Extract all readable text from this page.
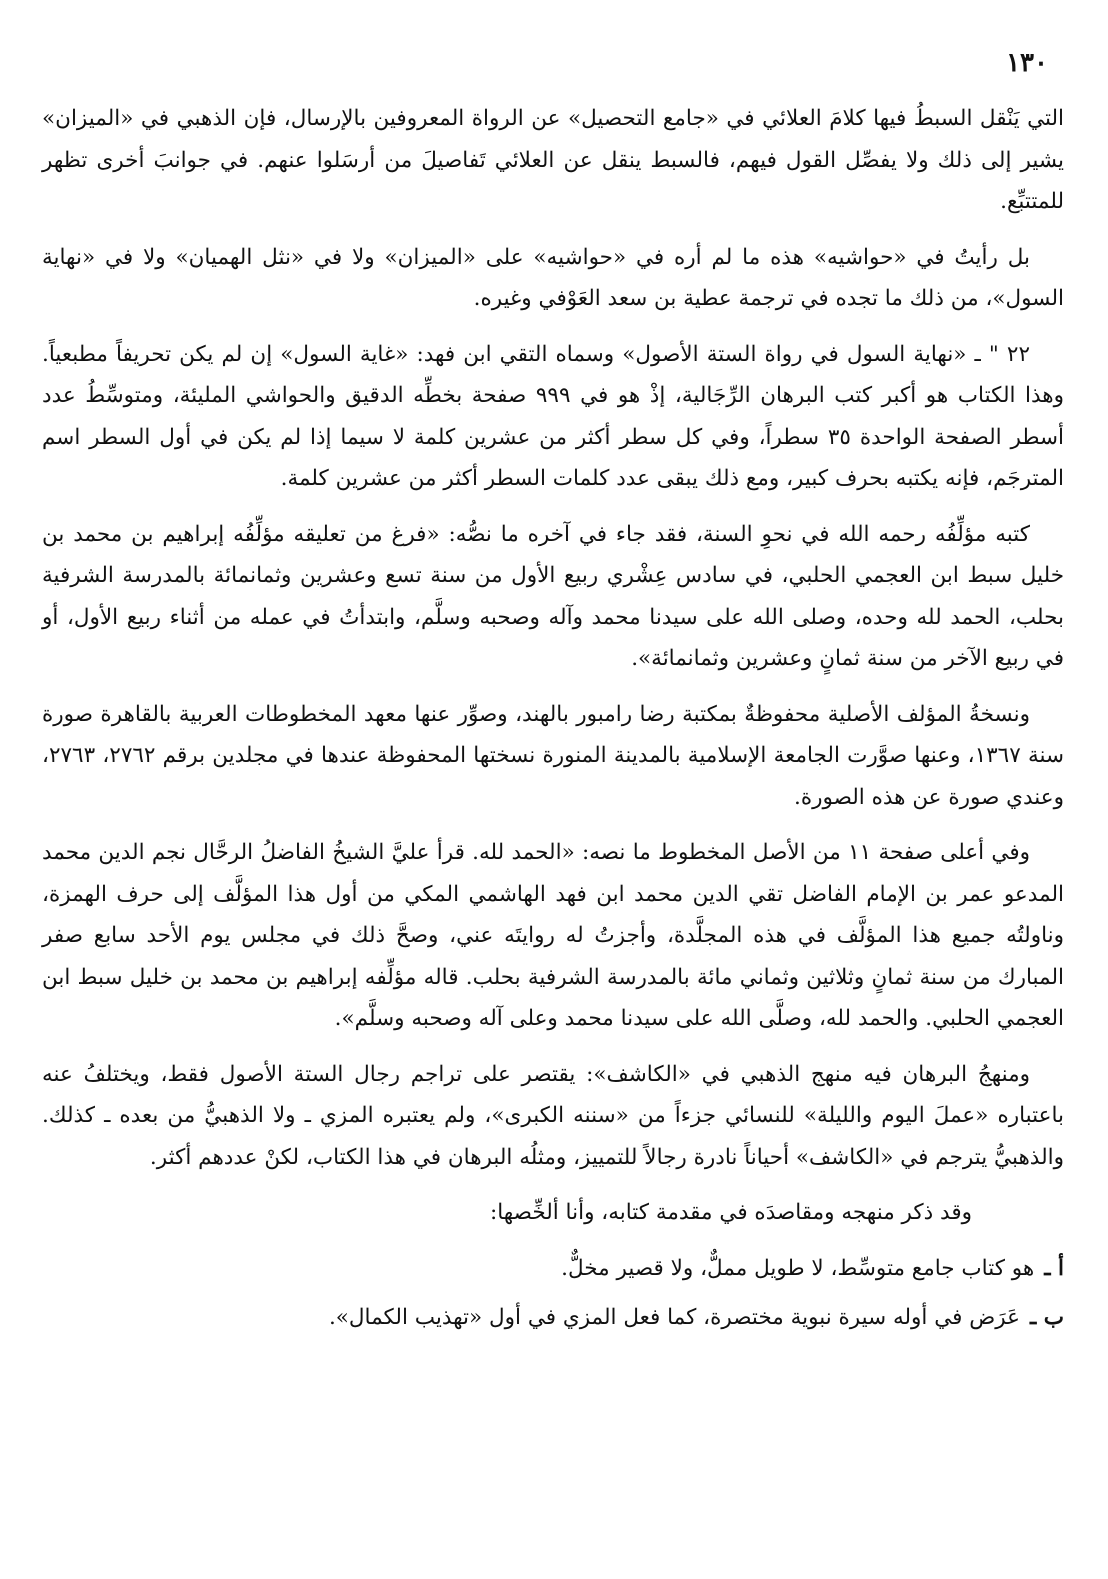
١٣٠

التي يَنْقل السبطُ فيها كلامَ العلائي في «جامع التحصيل» عن الرواة المعروفين بالإرسال، فإن الذهبي في «الميزان» يشير إلى ذلك ولا يفصِّل القول فيهم، فالسبط ينقل عن العلائي تَفاصيلَ من أرسَلوا عنهم. في جوانبَ أخرى تظهر للمتتبِّع.

بل رأيتُ في «حواشيه» هذه ما لم أره في «حواشيه» على «الميزان» ولا في «نثل الهميان» ولا في «نهاية السول»، من ذلك ما تجده في ترجمة عطية بن سعد العَوْفي وغيره.

٢٢ " ـ «نهاية السول في رواة الستة الأصول» وسماه التقي ابن فهد: «غاية السول» إن لم يكن تحريفاً مطبعياً. وهذا الكتاب هو أكبر كتب البرهان الرِّجَالية، إذْ هو في ٩٩٩ صفحة بخطِّه الدقيق والحواشي المليئة، ومتوسِّطُ عدد أسطر الصفحة الواحدة ٣٥ سطراً، وفي كل سطر أكثر من عشرين كلمة لا سيما إذا لم يكن في أول السطر اسم المترجَم، فإنه يكتبه بحرف كبير، ومع ذلك يبقى عدد كلمات السطر أكثر من عشرين كلمة.

كتبه مؤلِّفُه رحمه الله في نحوِ السنة، فقد جاء في آخره ما نصُّه: «فرغ من تعليقه مؤلِّفُه إبراهيم بن محمد بن خليل سبط ابن العجمي الحلبي، في سادس عِشْري ربيع الأول من سنة تسع وعشرين وثمانمائة بالمدرسة الشرفية بحلب، الحمد لله وحده، وصلى الله على سيدنا محمد وآله وصحبه وسلَّم، وابتدأتُ في عمله من أثناء ربيع الأول، أو في ربيع الآخر من سنة ثمانٍ وعشرين وثمانمائة».

ونسخةُ المؤلف الأصلية محفوظةٌ بمكتبة رضا رامبور بالهند، وصوِّر عنها معهد المخطوطات العربية بالقاهرة صورة سنة ١٣٦٧، وعنها صوَّرت الجامعة الإسلامية بالمدينة المنورة نسختها المحفوظة عندها في مجلدين برقم ٢٧٦٢، ٢٧٦٣، وعندي صورة عن هذه الصورة.

وفي أعلى صفحة ١١ من الأصل المخطوط ما نصه: «الحمد لله. قرأ عليَّ الشيخُ الفاضلُ الرحَّال نجم الدين محمد المدعو عمر بن الإمام الفاضل تقي الدين محمد ابن فهد الهاشمي المكي من أول هذا المؤلَّف إلى حرف الهمزة، وناولتُه جميع هذا المؤلَّف في هذه المجلَّدة، وأجزتُ له روايتَه عني، وصحَّ ذلك في مجلس يوم الأحد سابع صفر المبارك من سنة ثمانٍ وثلاثين وثماني مائة بالمدرسة الشرفية بحلب. قاله مؤلِّفه إبراهيم بن محمد بن خليل سبط ابن العجمي الحلبي. والحمد لله، وصلَّى الله على سيدنا محمد وعلى آله وصحبه وسلَّم».

ومنهجُ البرهان فيه منهج الذهبي في «الكاشف»: يقتصر على تراجم رجال الستة الأصول فقط، ويختلفُ عنه باعتباره «عملَ اليوم والليلة» للنسائي جزءاً من «سننه الكبرى»، ولم يعتبره المزي ـ ولا الذهبيُّ من بعده ـ كذلك. والذهبيُّ يترجم في «الكاشف» أحياناً نادرة رجالاً للتمييز، ومثلُه البرهان في هذا الكتاب، لكنْ عددهم أكثر.

وقد ذكر منهجه ومقاصدَه في مقدمة كتابه، وأنا ألخِّصها:

أ ـ
هو كتاب جامع متوسِّط، لا طويل مملٌّ، ولا قصير مخلٌّ.
ب ـ
عَرَض في أوله سيرة نبوية مختصرة، كما فعل المزي في أول «تهذيب الكمال».
